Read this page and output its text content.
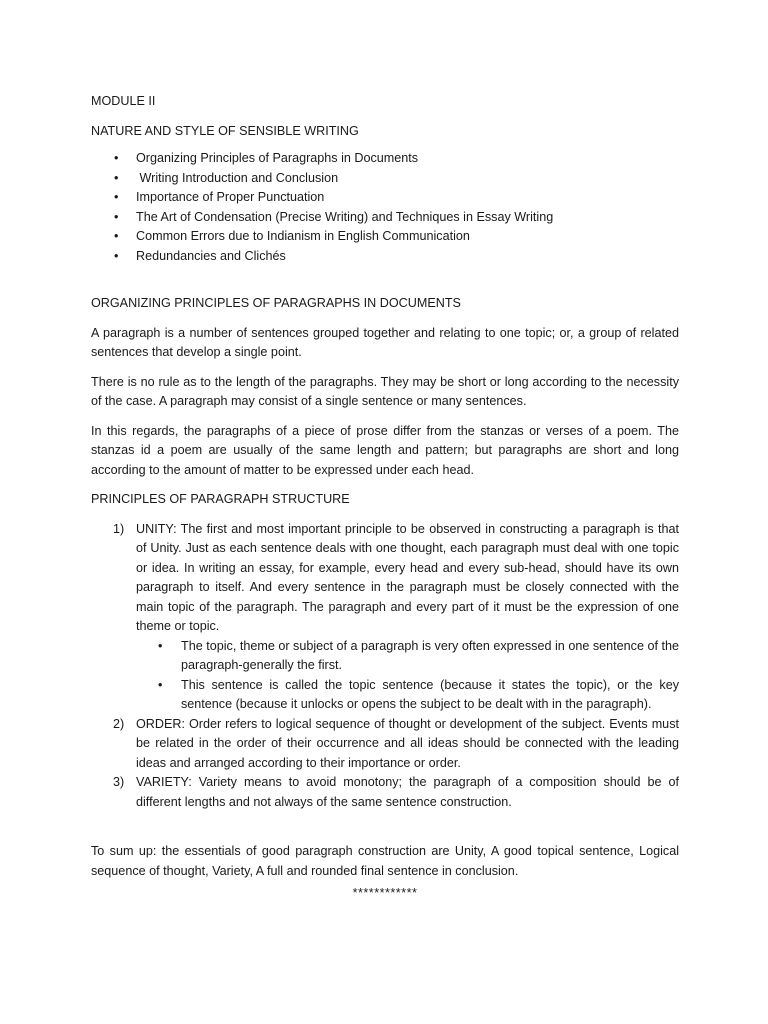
MODULE II
NATURE AND STYLE OF SENSIBLE WRITING
• Organizing Principles of Paragraphs in Documents
• Writing Introduction and Conclusion
• Importance of Proper Punctuation
• The Art of Condensation (Precise Writing) and Techniques in Essay Writing
• Common Errors due to Indianism in English Communication
• Redundancies and Clichés
ORGANIZING PRINCIPLES OF PARAGRAPHS IN DOCUMENTS

A paragraph is a number of sentences grouped together and relating to one topic; or, a group of related sentences that develop a single point.

There is no rule as to the length of the paragraphs. They may be short or long according to the necessity of the case. A paragraph may consist of a single sentence or many sentences.

In this regards, the paragraphs of a piece of prose differ from the stanzas or verses of a poem. The stanzas id a poem are usually of the same length and pattern; but paragraphs are short and long according to the amount of matter to be expressed under each head.

PRINCIPLES OF PARAGRAPH STRUCTURE
1) UNITY: The first and most important principle to be observed in constructing a paragraph is that of Unity. Just as each sentence deals with one thought, each paragraph must deal with one topic or idea. In writing an essay, for example, every head and every sub-head, should have its own paragraph to itself. And every sentence in the paragraph must be closely connected with the main topic of the paragraph. The paragraph and every part of it must be the expression of one theme or topic.
• The topic, theme or subject of a paragraph is very often expressed in one sentence of the paragraph-generally the first.
• This sentence is called the topic sentence (because it states the topic), or the key sentence (because it unlocks or opens the subject to be dealt with in the paragraph).
2) ORDER: Order refers to logical sequence of thought or development of the subject. Events must be related in the order of their occurrence and all ideas should be connected with the leading ideas and arranged according to their importance or order.
3) VARIETY: Variety means to avoid monotony; the paragraph of a composition should be of different lengths and not always of the same sentence construction.

To sum up: the essentials of good paragraph construction are Unity, A good topical sentence, Logical sequence of thought, Variety, A full and rounded final sentence in conclusion.

************
